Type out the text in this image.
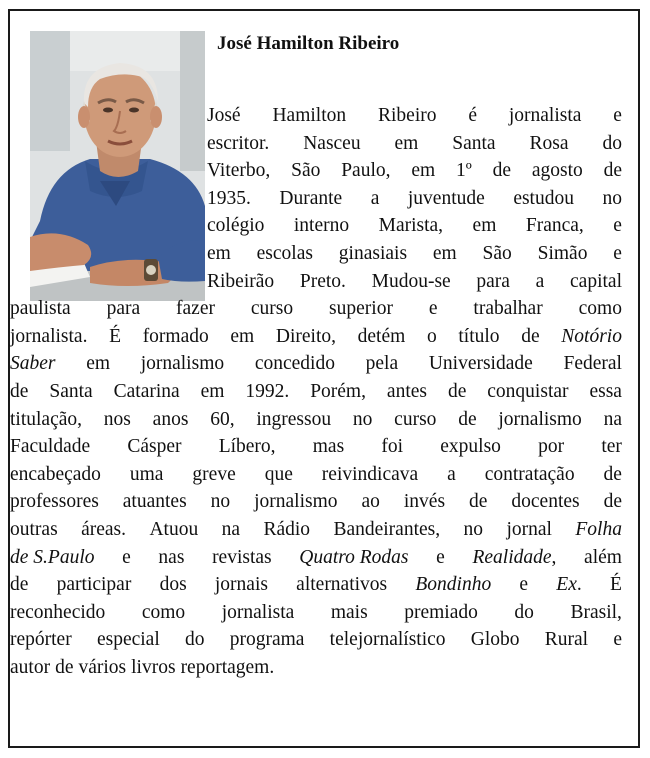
José Hamilton Ribeiro
José Hamilton Ribeiro é jornalista e
escritor. Nasceu em Santa Rosa do
Viterbo, São Paulo, em 1º de agosto de
1935. Durante a juventude estudou no
colégio interno Marista, em Franca, e
em escolas ginasiais em São Simão e
Ribeirão Preto. Mudou-se para a capital
paulista para fazer curso superior e trabalhar como
jornalista. É formado em Direito, detém o título de Notório
Saber em jornalismo concedido pela Universidade Federal
de Santa Catarina em 1992. Porém, antes de conquistar essa
titulação, nos anos 60, ingressou no curso de jornalismo na
Faculdade Cásper Líbero, mas foi expulso por ter
encabeçado uma greve que reivindicava a contratação de
professores atuantes no jornalismo ao invés de docentes de
outras áreas. Atuou na Rádio Bandeirantes, no jornal Folha
de S.Paulo e nas revistas Quatro Rodas e Realidade, além
de participar dos jornais alternativos Bondinho e Ex. É
reconhecido como jornalista mais premiado do Brasil,
repórter especial do programa telejornalístico Globo Rural e
autor de vários livros reportagem.
